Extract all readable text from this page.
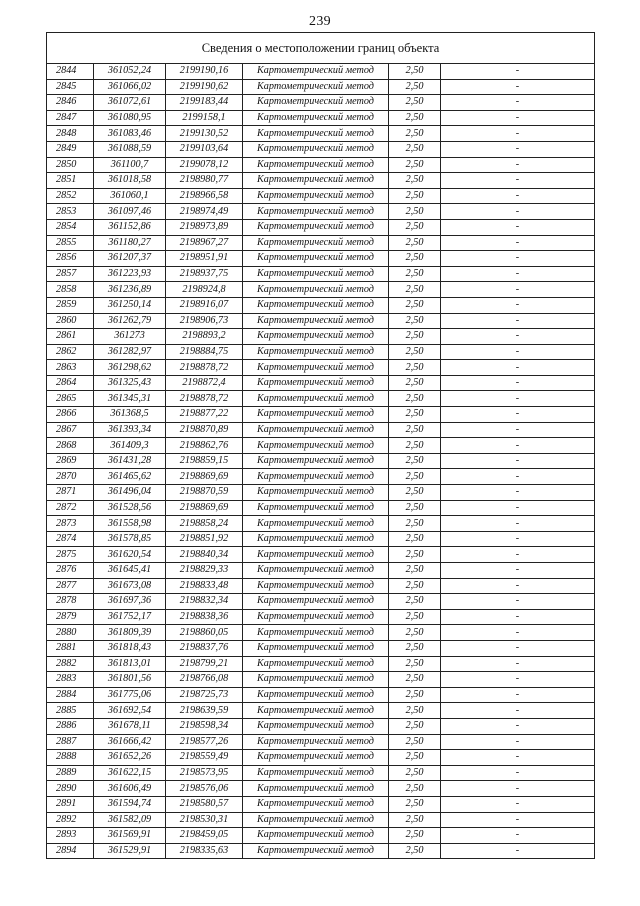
239
Сведения о местоположении границ объекта					
2844	361052,24	2199190,16	Картометрический метод	2,50	-
2845	361066,02	2199190,62	Картометрический метод	2,50	-
2846	361072,61	2199183,44	Картометрический метод	2,50	-
2847	361080,95	2199158,1	Картометрический метод	2,50	-
2848	361083,46	2199130,52	Картометрический метод	2,50	-
2849	361088,59	2199103,64	Картометрический метод	2,50	-
2850	361100,7	2199078,12	Картометрический метод	2,50	-
2851	361018,58	2198980,77	Картометрический метод	2,50	-
2852	361060,1	2198966,58	Картометрический метод	2,50	-
2853	361097,46	2198974,49	Картометрический метод	2,50	-
2854	361152,86	2198973,89	Картометрический метод	2,50	-
2855	361180,27	2198967,27	Картометрический метод	2,50	-
2856	361207,37	2198951,91	Картометрический метод	2,50	-
2857	361223,93	2198937,75	Картометрический метод	2,50	-
2858	361236,89	2198924,8	Картометрический метод	2,50	-
2859	361250,14	2198916,07	Картометрический метод	2,50	-
2860	361262,79	2198906,73	Картометрический метод	2,50	-
2861	361273	2198893,2	Картометрический метод	2,50	-
2862	361282,97	2198884,75	Картометрический метод	2,50	-
2863	361298,62	2198878,72	Картометрический метод	2,50	-
2864	361325,43	2198872,4	Картометрический метод	2,50	-
2865	361345,31	2198878,72	Картометрический метод	2,50	-
2866	361368,5	2198877,22	Картометрический метод	2,50	-
2867	361393,34	2198870,89	Картометрический метод	2,50	-
2868	361409,3	2198862,76	Картометрический метод	2,50	-
2869	361431,28	2198859,15	Картометрический метод	2,50	-
2870	361465,62	2198869,69	Картометрический метод	2,50	-
2871	361496,04	2198870,59	Картометрический метод	2,50	-
2872	361528,56	2198869,69	Картометрический метод	2,50	-
2873	361558,98	2198858,24	Картометрический метод	2,50	-
2874	361578,85	2198851,92	Картометрический метод	2,50	-
2875	361620,54	2198840,34	Картометрический метод	2,50	-
2876	361645,41	2198829,33	Картометрический метод	2,50	-
2877	361673,08	2198833,48	Картометрический метод	2,50	-
2878	361697,36	2198832,34	Картометрический метод	2,50	-
2879	361752,17	2198838,36	Картометрический метод	2,50	-
2880	361809,39	2198860,05	Картометрический метод	2,50	-
2881	361818,43	2198837,76	Картометрический метод	2,50	-
2882	361813,01	2198799,21	Картометрический метод	2,50	-
2883	361801,56	2198766,08	Картометрический метод	2,50	-
2884	361775,06	2198725,73	Картометрический метод	2,50	-
2885	361692,54	2198639,59	Картометрический метод	2,50	-
2886	361678,11	2198598,34	Картометрический метод	2,50	-
2887	361666,42	2198577,26	Картометрический метод	2,50	-
2888	361652,26	2198559,49	Картометрический метод	2,50	-
2889	361622,15	2198573,95	Картометрический метод	2,50	-
2890	361606,49	2198576,06	Картометрический метод	2,50	-
2891	361594,74	2198580,57	Картометрический метод	2,50	-
2892	361582,09	2198530,31	Картометрический метод	2,50	-
2893	361569,91	2198459,05	Картометрический метод	2,50	-
2894	361529,91	2198335,63	Картометрический метод	2,50	-
